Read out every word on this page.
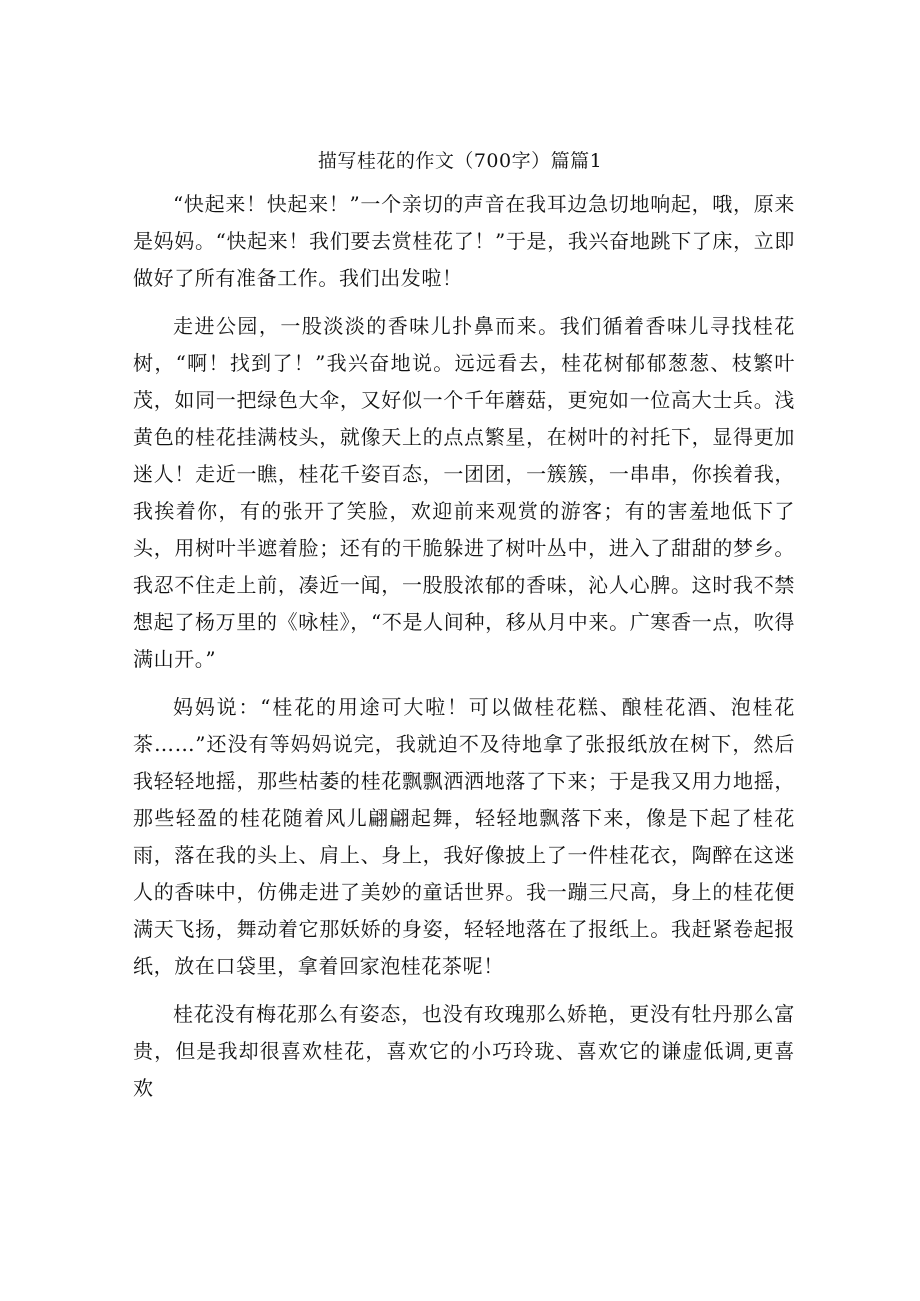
描写桂花的作文（700字）篇篇1

“快起来！快起来！”一个亲切的声音在我耳边急切地响起，哦，原来是妈妈。“快起来！我们要去赏桂花了！”于是，我兴奋地跳下了床，立即做好了所有准备工作。我们出发啦！

走进公园，一股淡淡的香味儿扑鼻而来。我们循着香味儿寻找桂花树，“啊！找到了！”我兴奋地说。远远看去，桂花树郁郁葱葱、枝繁叶茂，如同一把绿色大伞，又好似一个千年蘑菇，更宛如一位高大士兵。浅黄色的桂花挂满枝头，就像天上的点点繁星，在树叶的衬托下，显得更加迷人！走近一瞧，桂花千姿百态，一团团，一簇簇，一串串，你挨着我，我挨着你，有的张开了笑脸，欢迎前来观赏的游客；有的害羞地低下了头，用树叶半遮着脸；还有的干脆躲进了树叶丛中，进入了甜甜的梦乡。我忍不住走上前，凑近一闻，一股股浓郁的香味，沁人心脾。这时我不禁想起了杨万里的《咏桂》，“不是人间种，移从月中来。广寒香一点，吹得满山开。”

妈妈说：“桂花的用途可大啦！可以做桂花糕、酿桂花酒、泡桂花茶……”还没有等妈妈说完，我就迫不及待地拿了张报纸放在树下，然后我轻轻地摇，那些枯萎的桂花飘飘洒洒地落了下来；于是我又用力地摇，那些轻盈的桂花随着风儿翩翩起舞，轻轻地飘落下来，像是下起了桂花雨，落在我的头上、肩上、身上，我好像披上了一件桂花衣，陶醉在这迷人的香味中，仿佛走进了美妙的童话世界。我一蹦三尺高，身上的桂花便满天飞扬，舞动着它那妖娇的身姿，轻轻地落在了报纸上。我赶紧卷起报纸，放在口袋里，拿着回家泡桂花茶呢！

桂花没有梅花那么有姿态，也没有玫瑰那么娇艳，更没有牡丹那么富贵，但是我却很喜欢桂花，喜欢它的小巧玲珑、喜欢它的谦虚低调,更喜欢
